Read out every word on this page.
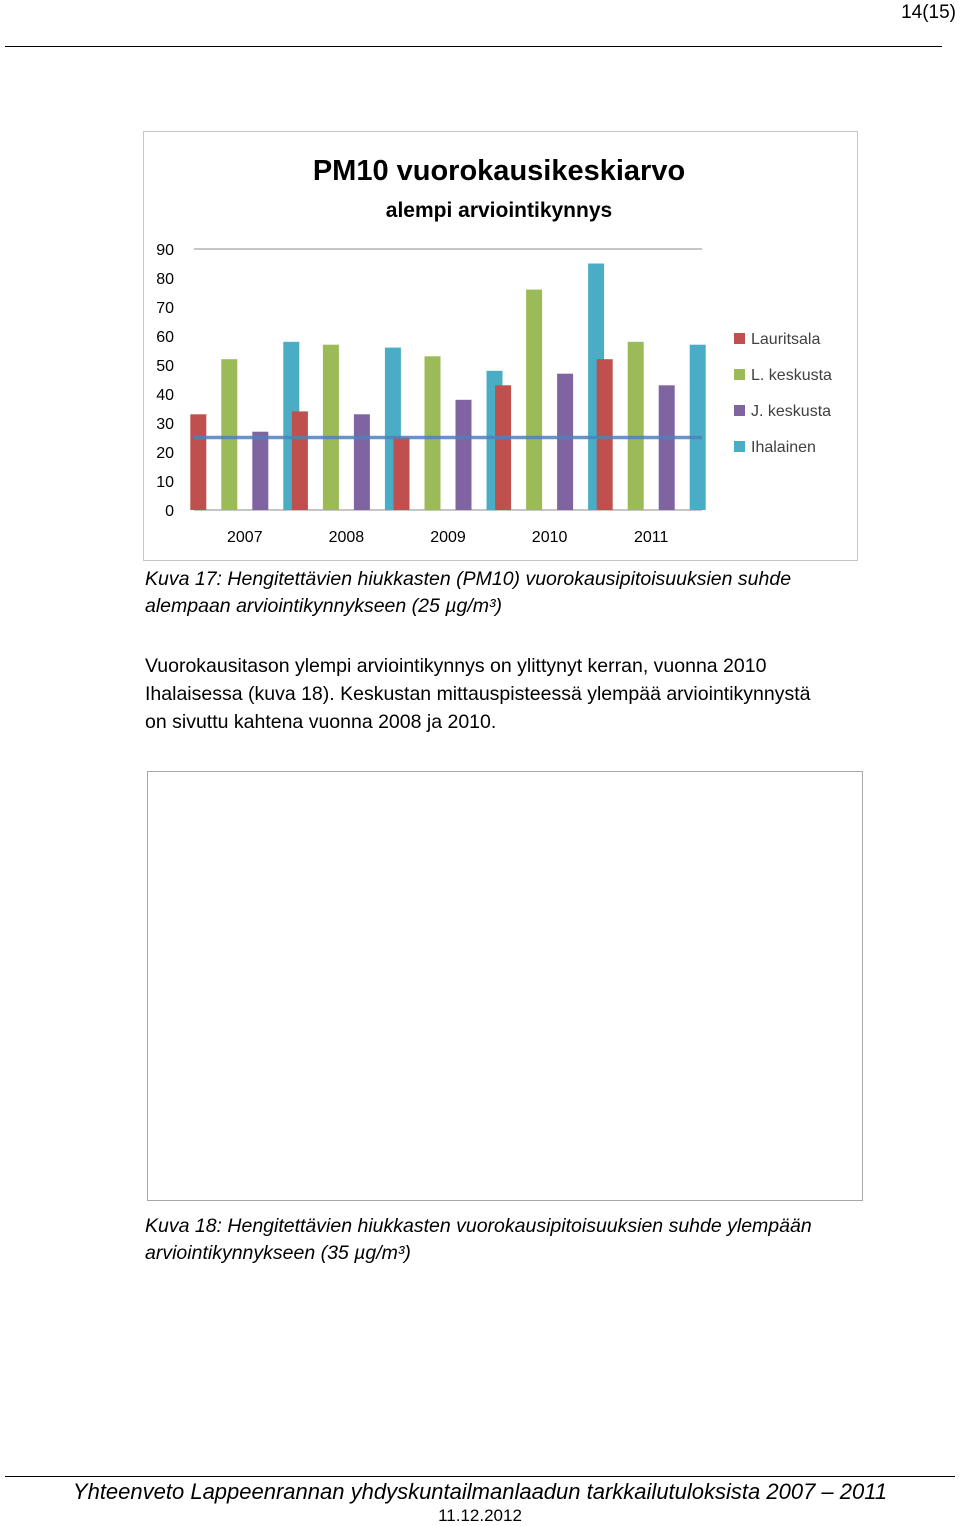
14(15)
PM10 vuorokausikeskiarvo
alempi arviointikynnys
90
80
70
60
50
40
30
20
10
0
2007	2008	2009	2010	2011
Lauritsala
L. keskusta
J. keskusta
Ihalainen
Kuva 17: Hengitettävien hiukkasten (PM10) vuorokausipitoisuuksien suhde
alempaan arviointikynnykseen (25 µg/m³)
Vuorokausitason ylempi arviointikynnys on ylittynyt kerran, vuonna 2010
Ihalaisessa (kuva 18). Keskustan mittauspisteessä ylempää arviointikynnystä
on sivuttu kahtena vuonna 2008 ja 2010.
Kuva 18: Hengitettävien hiukkasten vuorokausipitoisuuksien suhde ylempään
arviointikynnykseen (35 µg/m³)
Yhteenveto Lappeenrannan yhdyskuntailmanlaadun tarkkailutuloksista 2007 – 2011
11.12.2012
